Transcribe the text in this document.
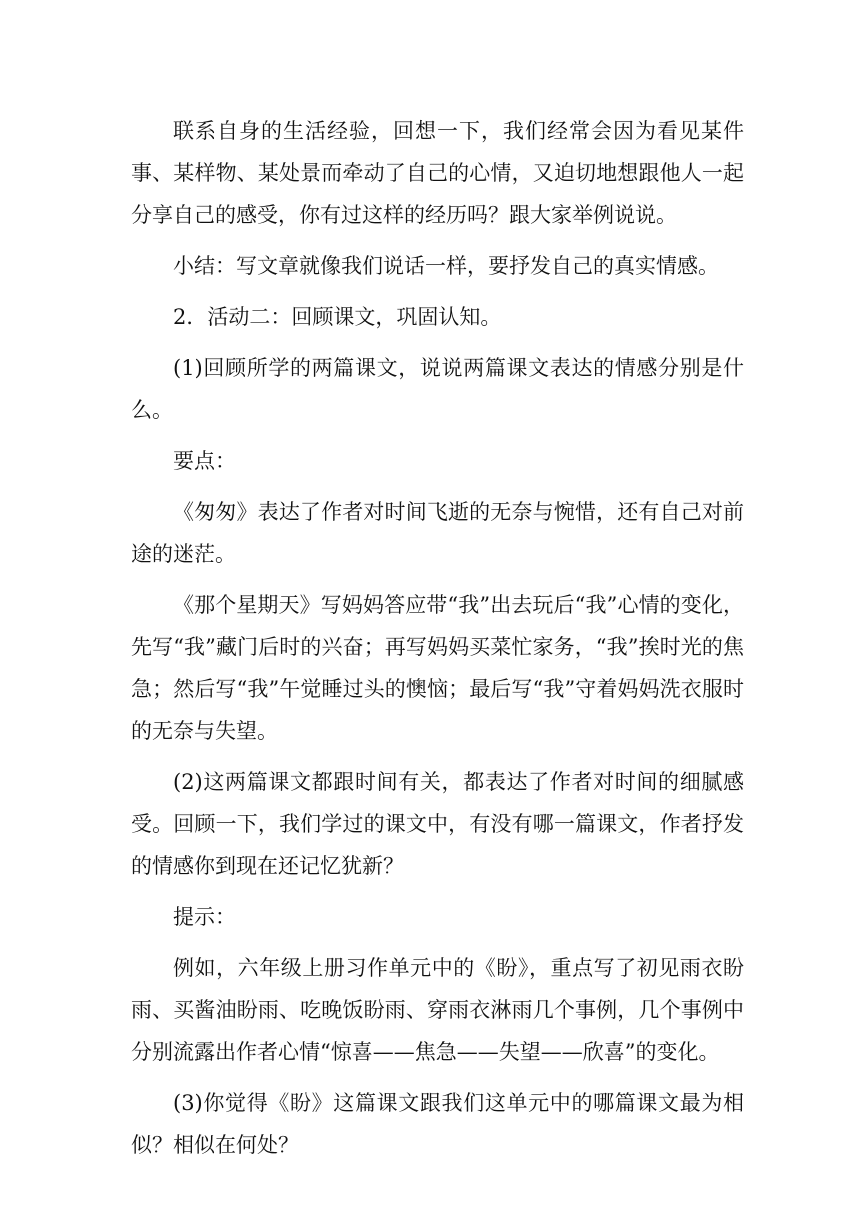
联系自身的生活经验，回想一下，我们经常会因为看见某件事、某样物、某处景而牵动了自己的心情，又迫切地想跟他人一起分享自己的感受，你有过这样的经历吗？跟大家举例说说。

小结：写文章就像我们说话一样，要抒发自己的真实情感。

2．活动二：回顾课文，巩固认知。

(1)回顾所学的两篇课文，说说两篇课文表达的情感分别是什么。

要点：

《匆匆》表达了作者对时间飞逝的无奈与惋惜，还有自己对前途的迷茫。

《那个星期天》写妈妈答应带“我”出去玩后“我”心情的变化，先写“我”藏门后时的兴奋；再写妈妈买菜忙家务，“我”挨时光的焦急；然后写“我”午觉睡过头的懊恼；最后写“我”守着妈妈洗衣服时的无奈与失望。

(2)这两篇课文都跟时间有关，都表达了作者对时间的细腻感受。回顾一下，我们学过的课文中，有没有哪一篇课文，作者抒发的情感你到现在还记忆犹新？

提示：

例如，六年级上册习作单元中的《盼》，重点写了初见雨衣盼雨、买酱油盼雨、吃晚饭盼雨、穿雨衣淋雨几个事例，几个事例中分别流露出作者心情“惊喜——焦急——失望——欣喜”的变化。

(3)你觉得《盼》这篇课文跟我们这单元中的哪篇课文最为相似？相似在何处？
